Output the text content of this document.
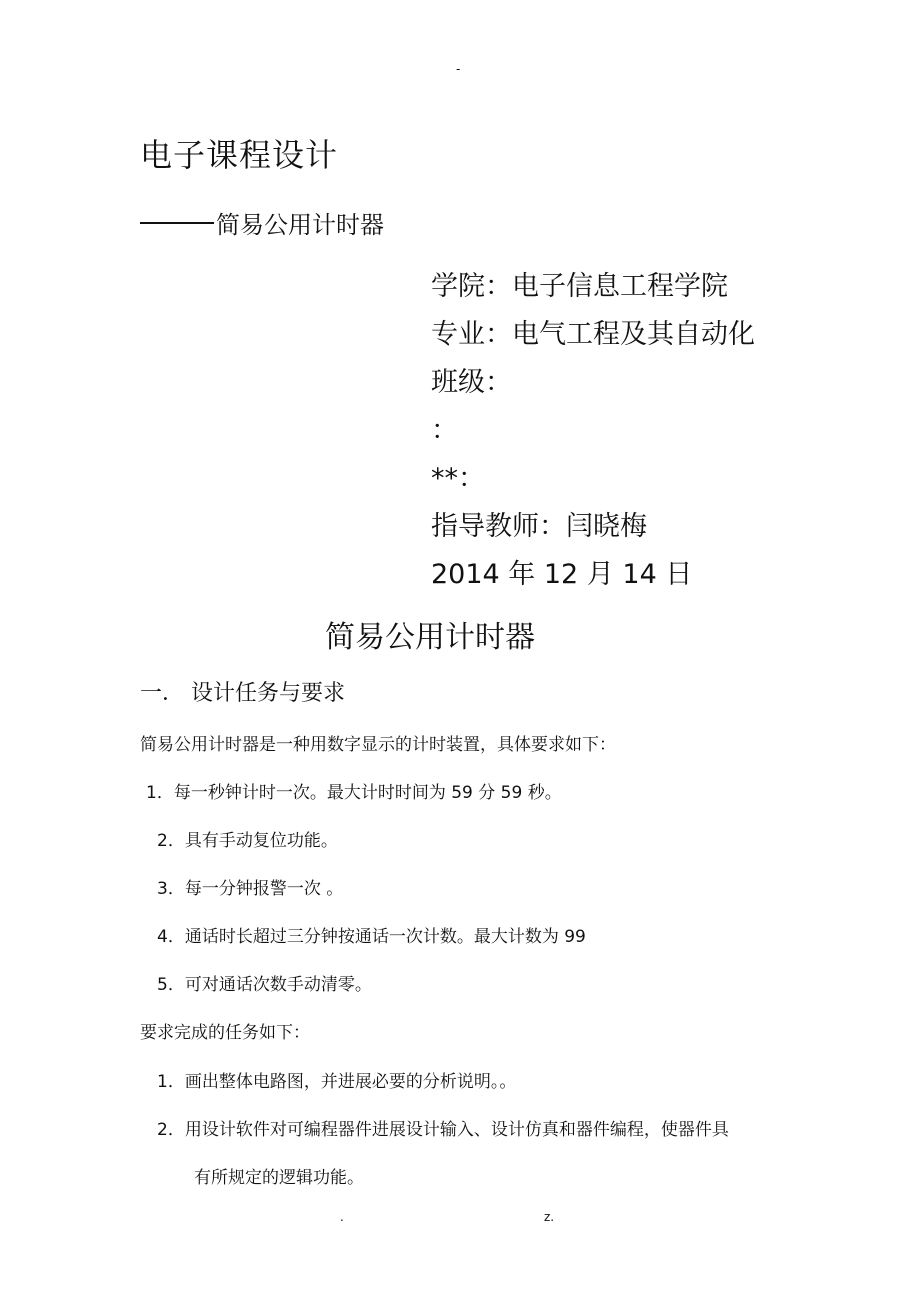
-
电子课程设计
简易公用计时器
学院：电子信息工程学院
专业：电气工程及其自动化
班级：
：
**：
指导教师：闫晓梅
2014 年 12 月 14 日
简易公用计时器
一． 设计任务与要求
简易公用计时器是一种用数字显示的计时装置，具体要求如下：
1．每一秒钟计时一次。最大计时时间为 59 分 59 秒。
2．具有手动复位功能。
3．每一分钟报警一次 。
4．通话时长超过三分钟按通话一次计数。最大计数为 99
5．可对通话次数手动清零。
要求完成的任务如下：
1．画出整体电路图，并进展必要的分析说明。。
2．用设计软件对可编程器件进展设计输入、设计仿真和器件编程，使器件具
有所规定的逻辑功能。
.	z.
